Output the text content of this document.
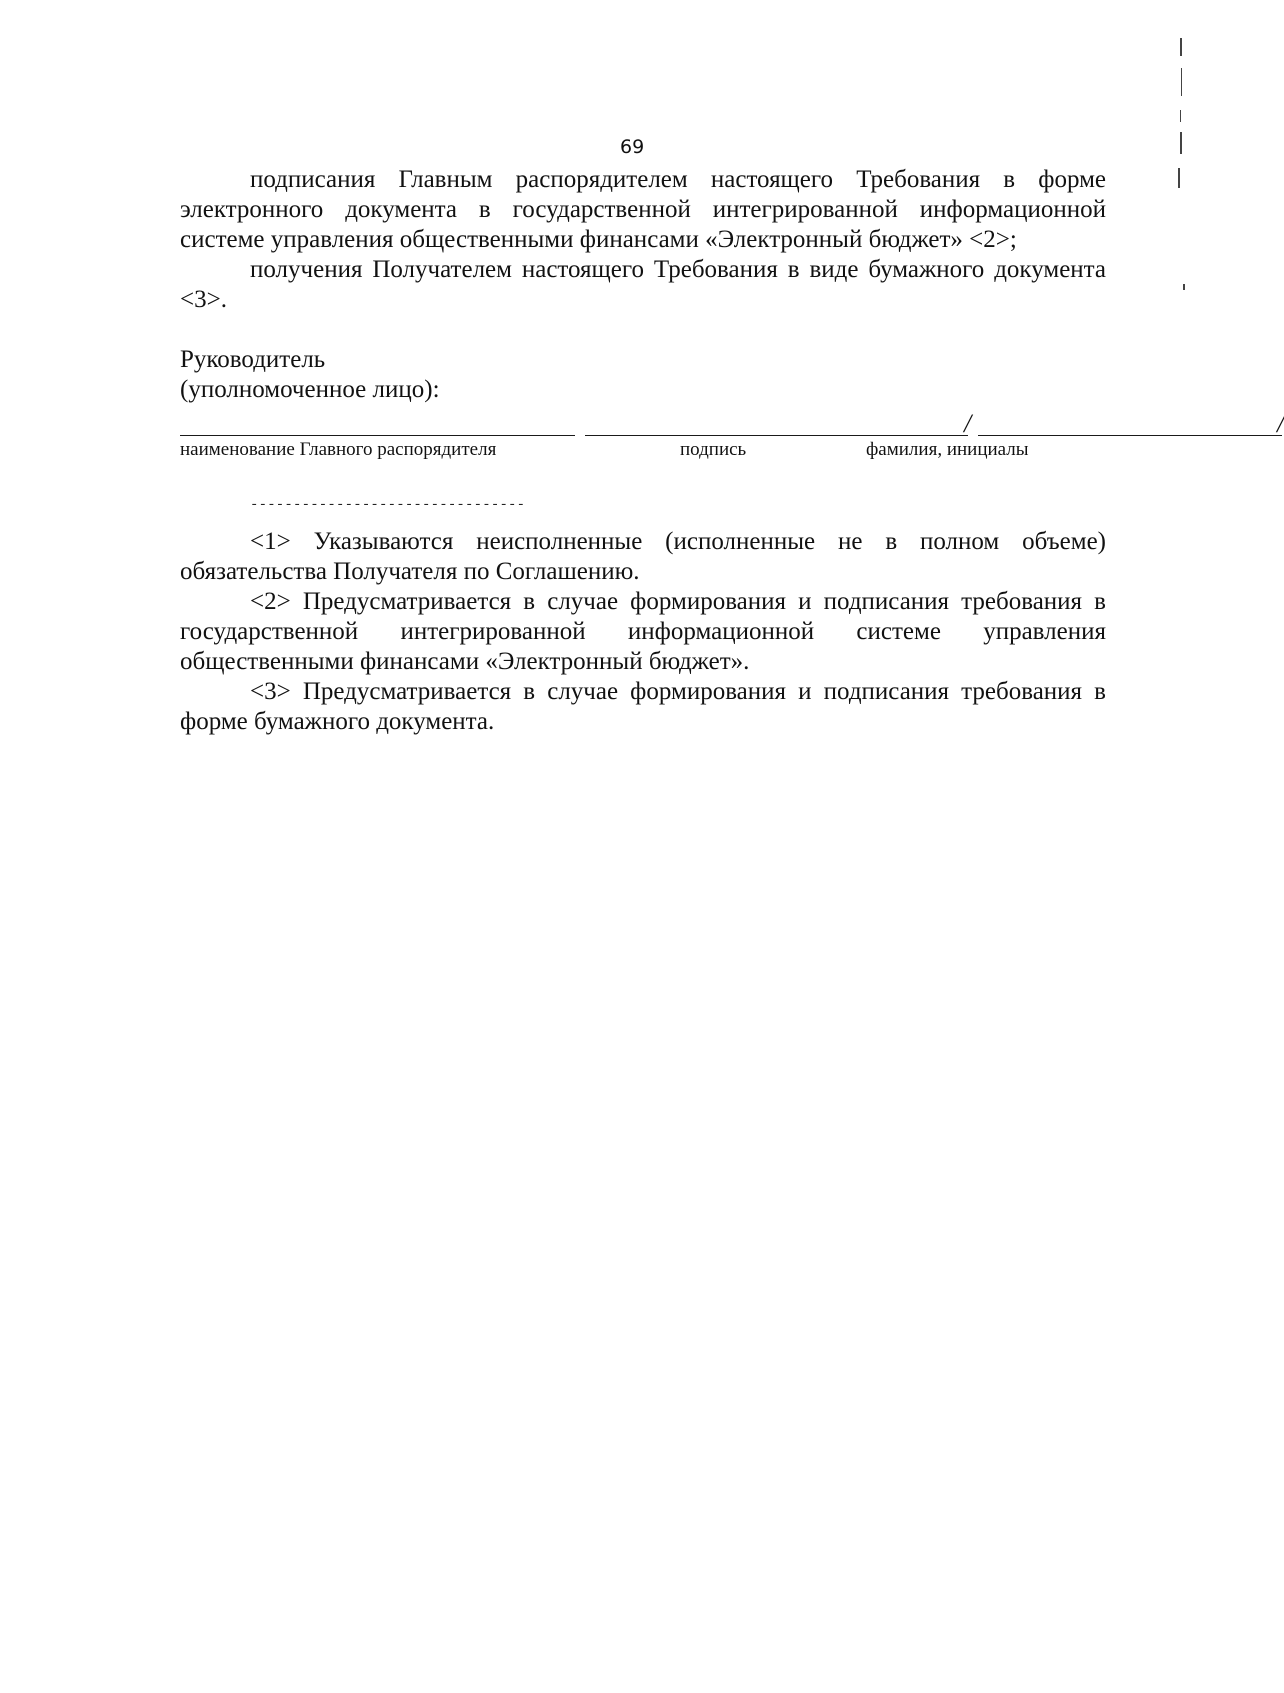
69

подписания Главным распорядителем настоящего Требования в форме электронного документа в государственной интегрированной информационной системе управления общественными финансами «Электронный бюджет» <2>;

получения Получателем настоящего Требования в виде бумажного документа <3>.

Руководитель

(уполномоченное лицо):

/	/
наименование Главного распорядителя	подпись	фамилия, инициалы
--------------------------------

<1> Указываются неисполненные (исполненные не в полном объеме) обязательства Получателя по Соглашению.

<2> Предусматривается в случае формирования и подписания требования в государственной интегрированной информационной системе управления общественными финансами «Электронный бюджет».

<3> Предусматривается в случае формирования и подписания требования в форме бумажного документа.
